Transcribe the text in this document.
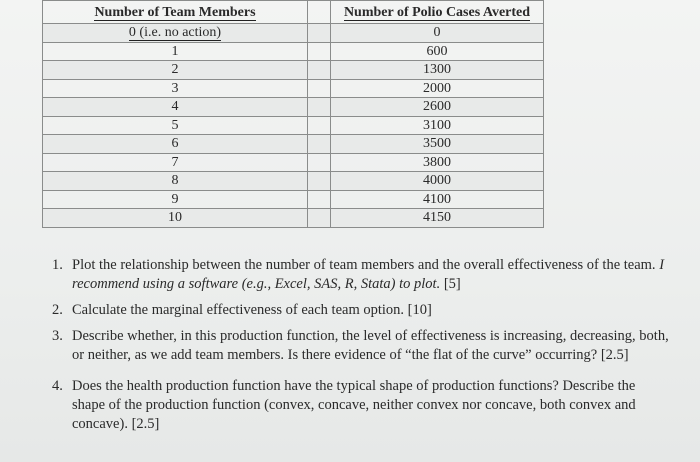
Number of Team Members		Number of Polio Cases Averted
0 (i.e. no action)		0
1		600
2		1300
3		2000
4		2600
5		3100
6		3500
7		3800
8		4000
9		4100
10		4150
1. Plot the relationship between the number of team members and the overall effectiveness of the team. I recommend using a software (e.g., Excel, SAS, R, Stata) to plot. [5]
2. Calculate the marginal effectiveness of each team option. [10]
3. Describe whether, in this production function, the level of effectiveness is increasing, decreasing, both, or neither, as we add team members. Is there evidence of “the flat of the curve” occurring? [2.5]
4. Does the health production function have the typical shape of production functions? Describe the shape of the production function (convex, concave, neither convex nor concave, both convex and concave). [2.5]
